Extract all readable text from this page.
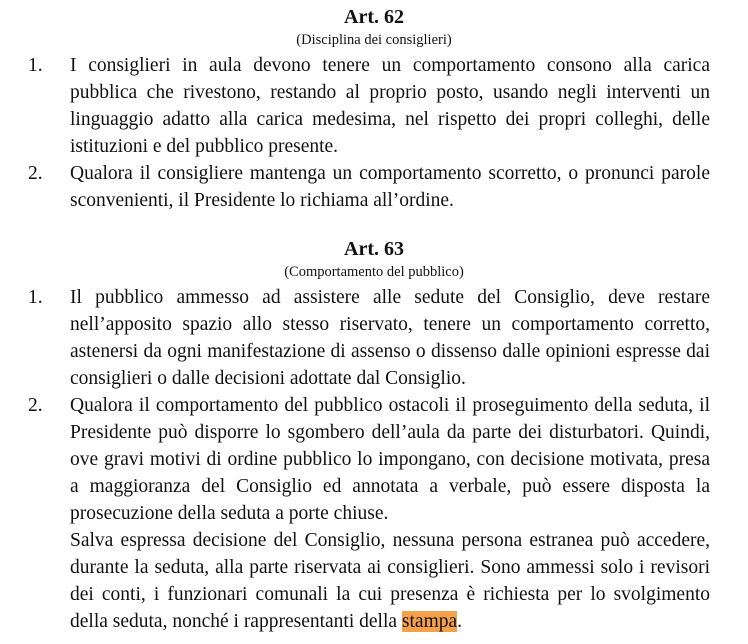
Art. 62

(Disciplina dei consiglieri)

1.	I consiglieri in aula devono tenere un comportamento consono alla carica pubblica che rivestono, restando al proprio posto, usando negli interventi un linguaggio adatto alla carica medesima, nel rispetto dei propri colleghi, delle istituzioni e del pubblico presente.

2.	Qualora il consigliere mantenga un comportamento scorretto, o pronunci parole sconvenienti, il Presidente lo richiama all’ordine.

Art. 63

(Comportamento del pubblico)

1.	Il pubblico ammesso ad assistere alle sedute del Consiglio, deve restare nell’apposito spazio allo stesso riservato, tenere un comportamento corretto, astenersi da ogni manifestazione di assenso o dissenso dalle opinioni espresse dai consiglieri o dalle decisioni adottate dal Consiglio.

2.	Qualora il comportamento del pubblico ostacoli il proseguimento della seduta, il Presidente può disporre lo sgombero dell’aula da parte dei disturbatori. Quindi, ove gravi motivi di ordine pubblico lo impongano, con decisione motivata, presa a maggioranza del Consiglio ed annotata a verbale, può essere disposta la prosecuzione della seduta a porte chiuse.

Salva espressa decisione del Consiglio, nessuna persona estranea può accedere, durante la seduta, alla parte riservata ai consiglieri. Sono ammessi solo i revisori dei conti, i funzionari comunali la cui presenza è richiesta per lo svolgimento della seduta, nonché i rappresentanti della stampa.
